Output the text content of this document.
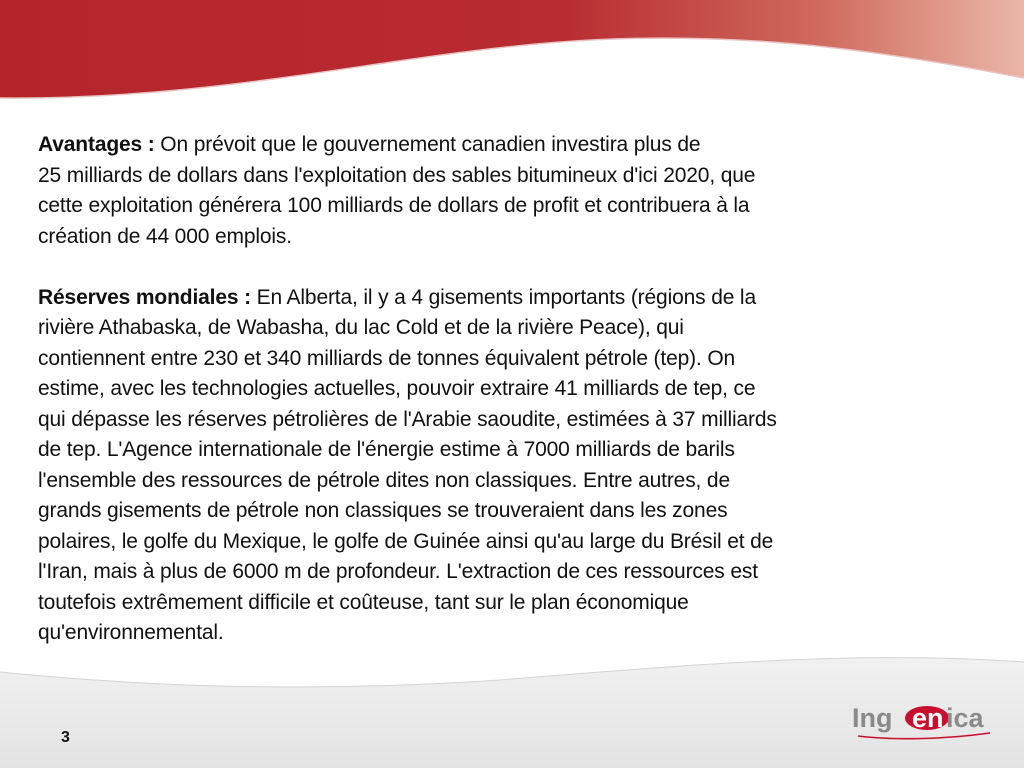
Avantages : On prévoit que le gouvernement canadien investira plus de
25 milliards de dollars dans l'exploitation des sables bitumineux d'ici 2020, que
cette exploitation générera 100 milliards de dollars de profit et contribuera à la
création de 44 000 emplois.

Réserves mondiales : En Alberta, il y a 4 gisements importants (régions de la
rivière Athabaska, de Wabasha, du lac Cold et de la rivière Peace), qui
contiennent entre 230 et 340 milliards de tonnes équivalent pétrole (tep). On
estime, avec les technologies actuelles, pouvoir extraire 41 milliards de tep, ce
qui dépasse les réserves pétrolières de l'Arabie saoudite, estimées à 37 milliards
de tep. L'Agence internationale de l'énergie estime à 7000 milliards de barils
l'ensemble des ressources de pétrole dites non classiques. Entre autres, de
grands gisements de pétrole non classiques se trouveraient dans les zones
polaires, le golfe du Mexique, le golfe de Guinée ainsi qu'au large du Brésil et de
l'Iran, mais à plus de 6000 m de profondeur. L'extraction de ces ressources est
toutefois extrêmement difficile et coûteuse, tant sur le plan économique
qu'environnemental.

3
Ing en ica
